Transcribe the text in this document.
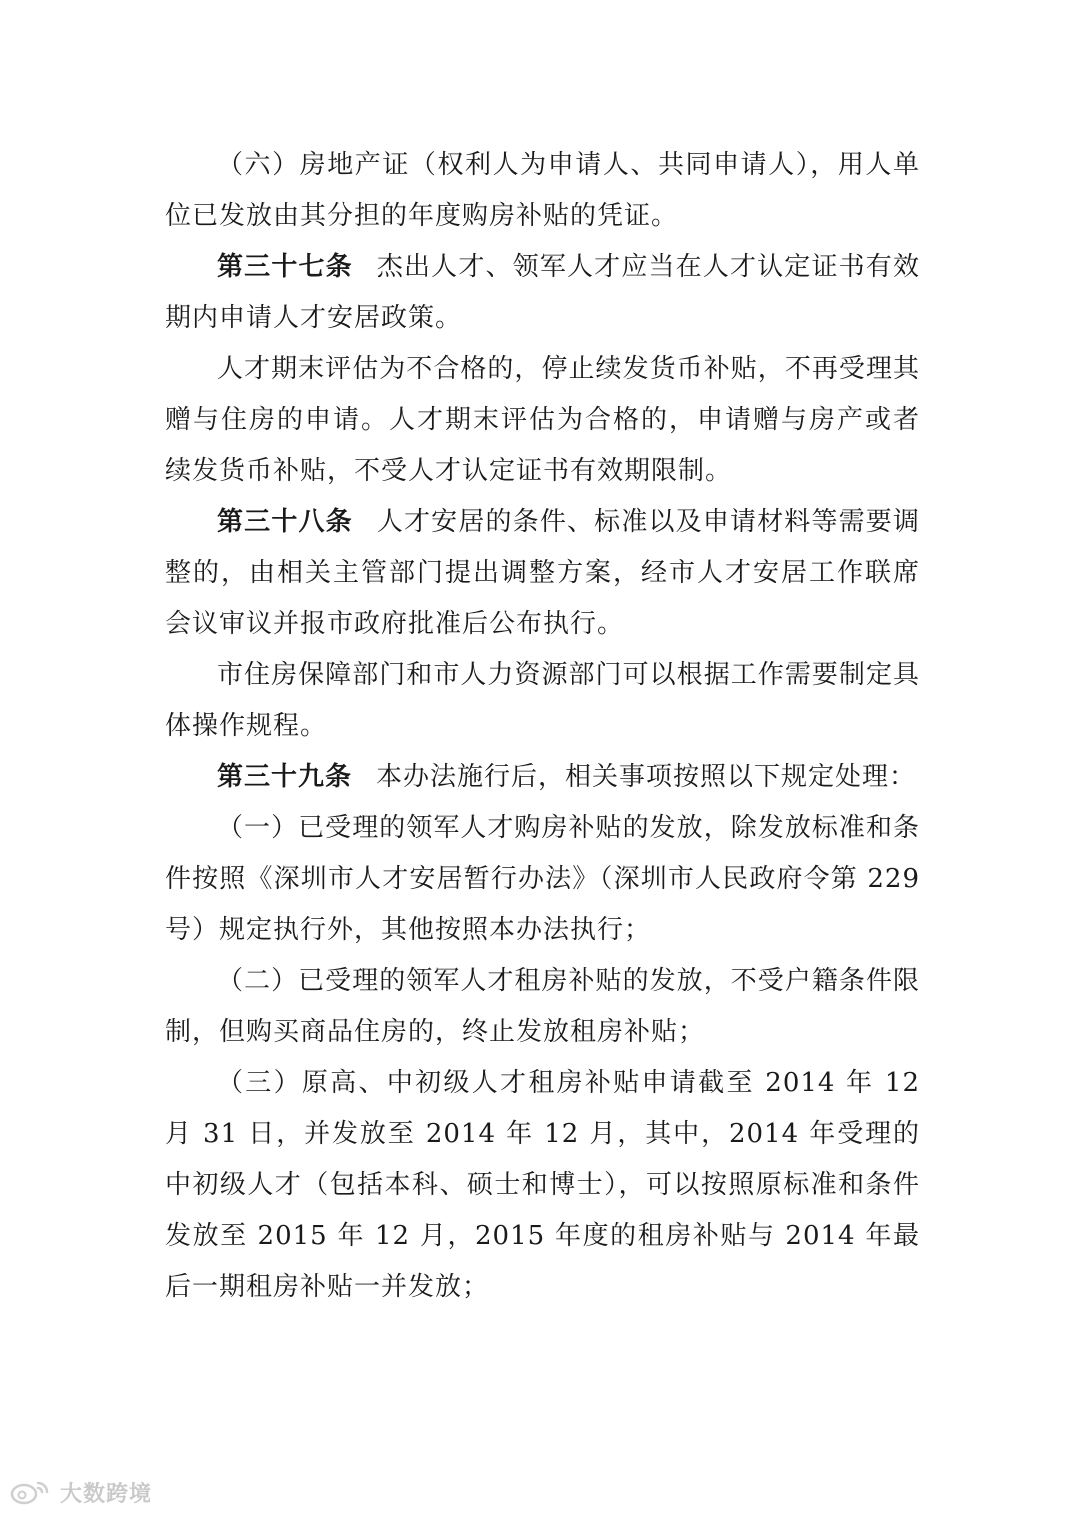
（六）房地产证（权利人为申请人、共同申请人），用人单位已发放由其分担的年度购房补贴的凭证。

第三十七条 杰出人才、领军人才应当在人才认定证书有效期内申请人才安居政策。

人才期末评估为不合格的，停止续发货币补贴，不再受理其赠与住房的申请。人才期末评估为合格的，申请赠与房产或者续发货币补贴，不受人才认定证书有效期限制。

第三十八条 人才安居的条件、标准以及申请材料等需要调整的，由相关主管部门提出调整方案，经市人才安居工作联席会议审议并报市政府批准后公布执行。

市住房保障部门和市人力资源部门可以根据工作需要制定具体操作规程。

第三十九条 本办法施行后，相关事项按照以下规定处理：

（一）已受理的领军人才购房补贴的发放，除发放标准和条件按照《深圳市人才安居暂行办法》（深圳市人民政府令第 229 号）规定执行外，其他按照本办法执行；

（二）已受理的领军人才租房补贴的发放，不受户籍条件限制，但购买商品住房的，终止发放租房补贴；

（三）原高、中初级人才租房补贴申请截至 2014 年 12 月 31 日，并发放至 2014 年 12 月，其中，2014 年受理的中初级人才（包括本科、硕士和博士），可以按照原标准和条件发放至 2015 年 12 月，2015 年度的租房补贴与 2014 年最后一期租房补贴一并发放；

大数跨境
